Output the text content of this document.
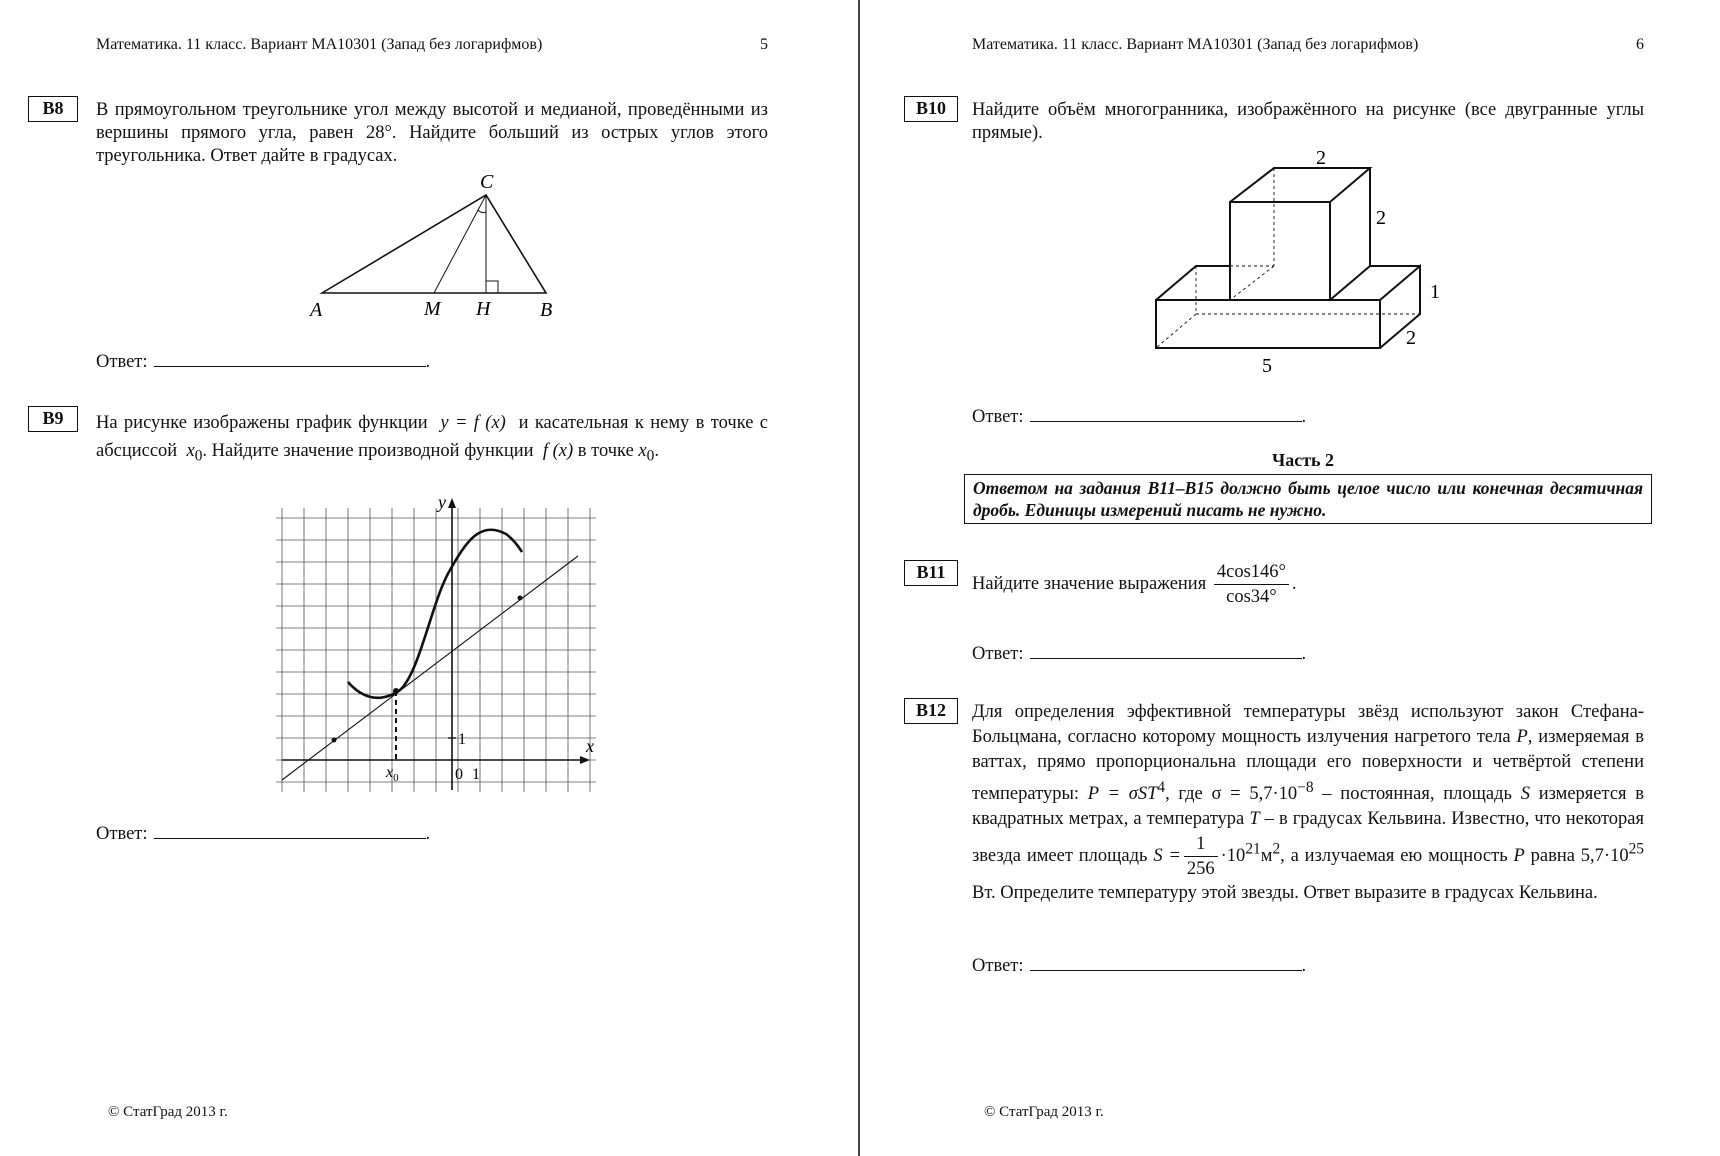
Математика. 11 класс. Вариант МА10301 (Запад без логарифмов)	5
В8	В прямоугольном треугольнике угол между высотой и медианой, проведёнными из вершины прямого угла, равен 28°. Найдите больший из острых углов этого треугольника. Ответ дайте в градусах.
A	M H B
C
Ответ:	.
В9	На рисунке изображены график функции y = f (x) и касательная к нему в точке с абсциссой $x_0$. Найдите значение производной функции f (x) в точке $x_0$.
y
x
0 1
1
$x_0$
Ответ:	.
© СтатГрад 2013 г.
Математика. 11 класс. Вариант МА10301 (Запад без логарифмов)	6
В10	Найдите объём многогранника, изображённого на рисунке (все двугранные углы прямые).
2
2
1
2
5
Ответ:	.
Часть 2
Ответом на задания В11–В15 должно быть целое число или конечная десятичная дробь. Единицы измерений писать не нужно.
В11
Найдите значение выражения $\frac{4\cos 146^\circ}{\cos 34^\circ}$ .
Ответ:	.
В12	Для определения эффективной температуры звёзд используют закон Стефана-Больцмана, согласно которому мощность излучения нагретого тела P, измеряемая в ваттах, прямо пропорциональна площади его поверхности и четвёртой степени температуры: P = σST$^4$, где $\sigma = 5,7\cdot 10^{-8}$ – постоянная, площадь S измеряется в квадратных метрах, а температура T – в градусах Кельвина. Известно, что некоторая звезда имеет площадь $S = \frac{1}{256} \cdot 10^{21}м^2$, а излучаемая ею мощность P равна $5,7\cdot 10^{25}$ Вт. Определите температуру этой звезды. Ответ выразите в градусах Кельвина.
Ответ:	.
© СтатГрад 2013 г.
